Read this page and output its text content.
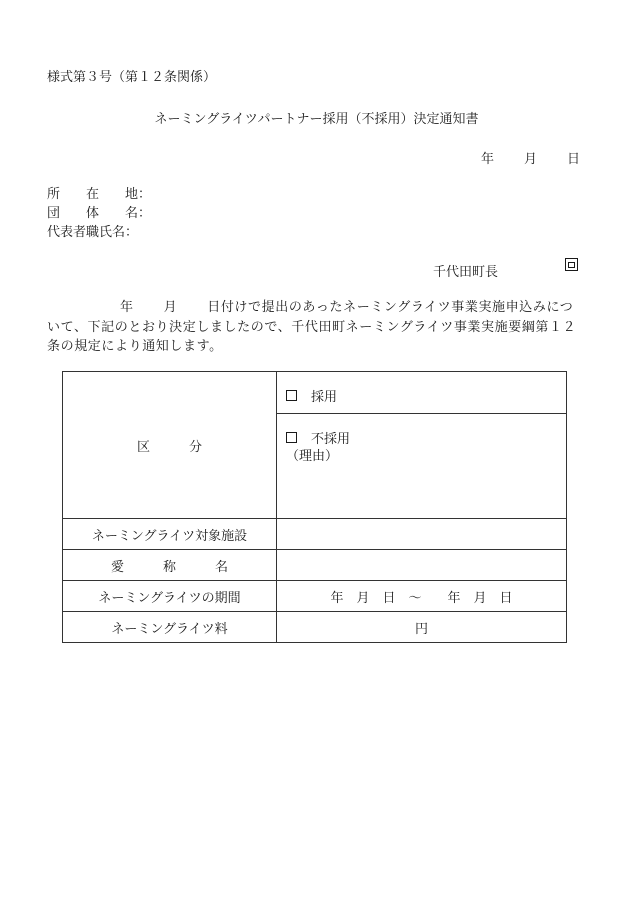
様式第３号（第１２条関係）
ネーミングライツパートナー採用（不採用）決定通知書
年 月 日
所　　在　　地：
団　　体　　名：
代表者職氏名：
千代田町長
年 月 日付けで提出のあったネーミングライツ事業実施申込みについて、下記のとおり決定しましたので、千代田町ネーミングライツ事業実施要綱第１２条の規定により通知します。
区　　　分	採用

	不採用
（理由）

ネーミングライツ対象施設	
愛　　　称　　　名	
ネーミングライツの期間	年　月　日　～　　年　月　日
ネーミングライツ料	円
